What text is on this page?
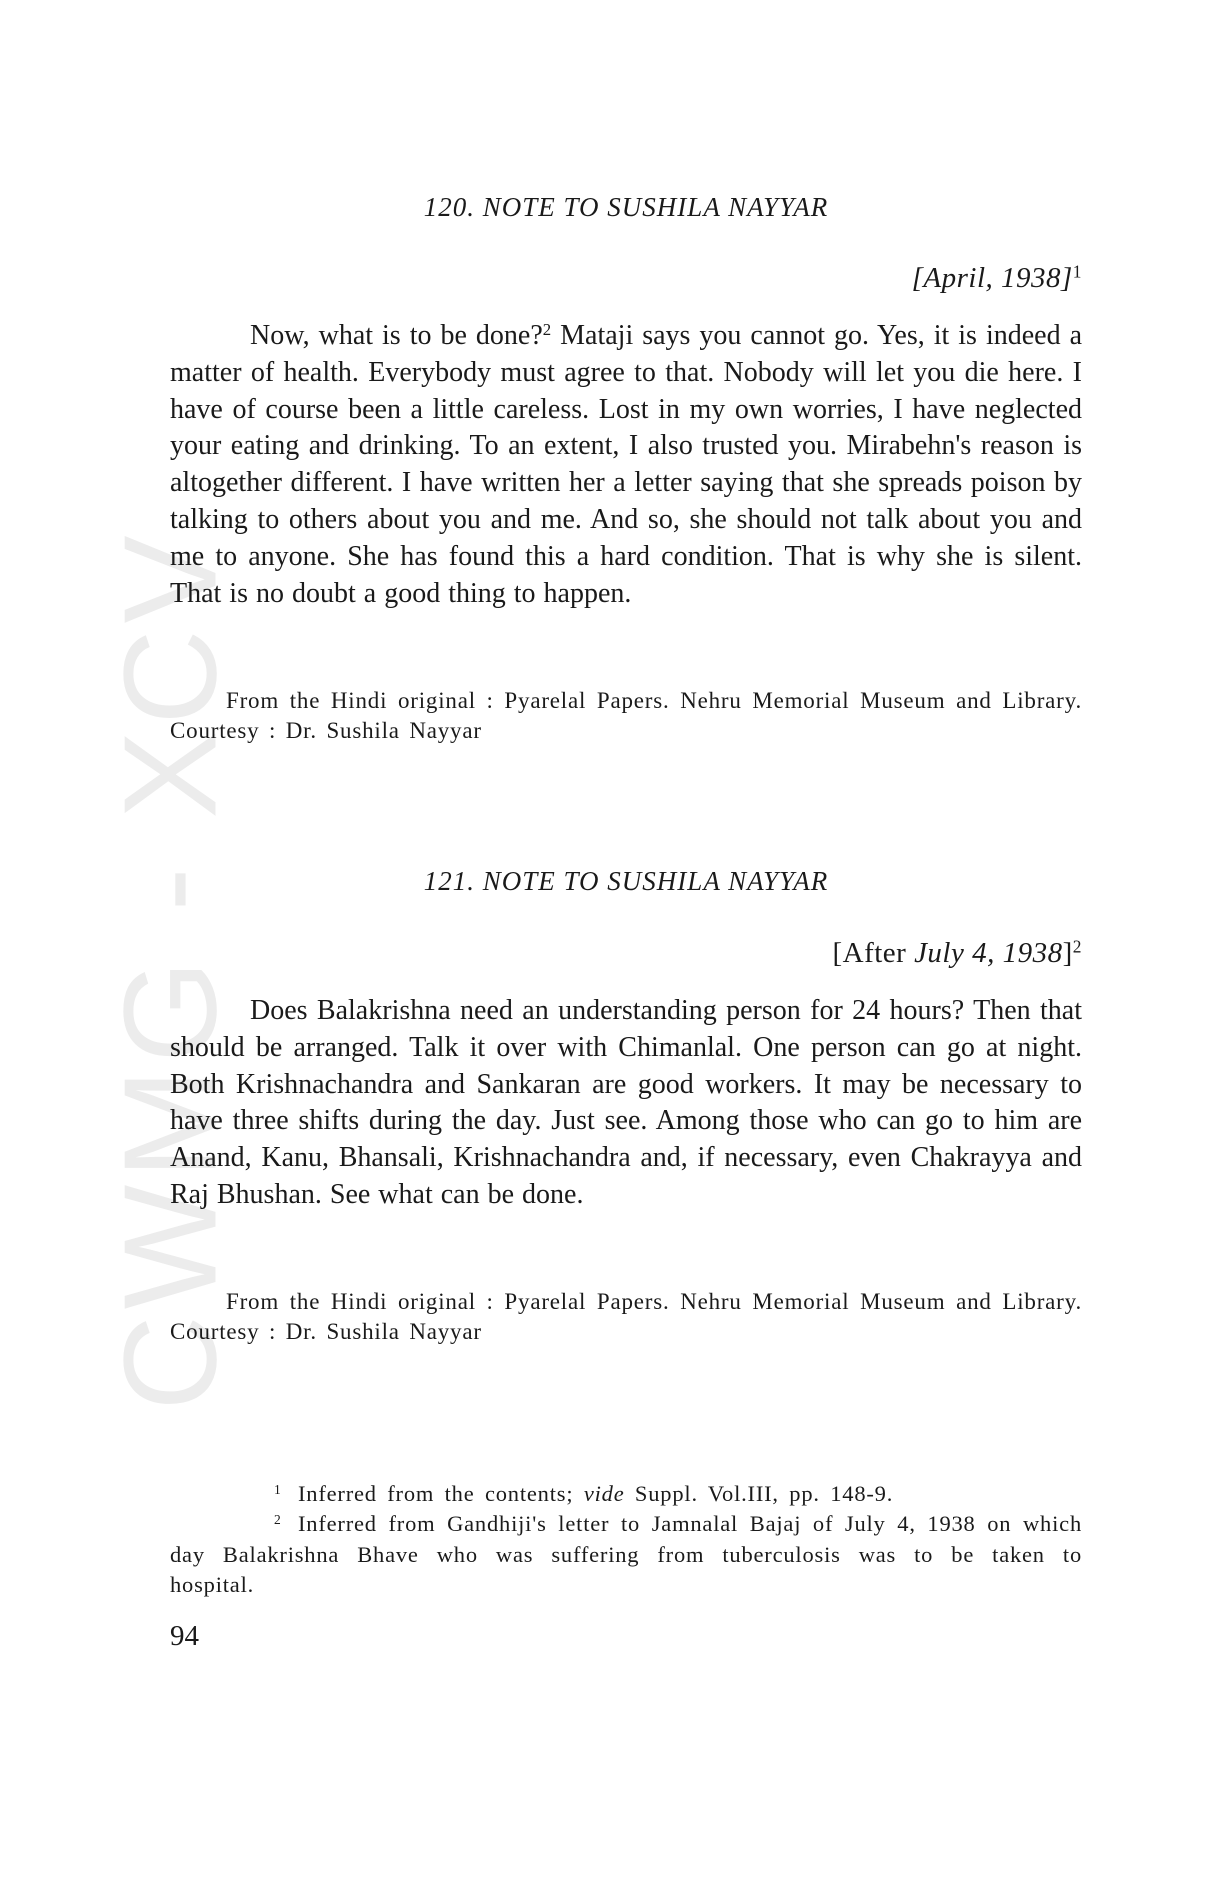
CWMG - XCV
120. NOTE TO SUSHILA NAYYAR
[April, 1938]$^1$

Now, what is to be done?$^2$ Mataji says you cannot go. Yes, it is indeed a matter of health. Everybody must agree to that. Nobody will let you die here. I have of course been a little careless. Lost in my own worries, I have neglected your eating and drinking. To an extent, I also trusted you. Mirabehn's reason is altogether different. I have written her a letter saying that she spreads poison by talking to others about you and me. And so, she should not talk about you and me to anyone. She has found this a hard condition. That is why she is silent. That is no doubt a good thing to happen.

From the Hindi original : Pyarelal Papers. Nehru Memorial Museum and Library. Courtesy : Dr. Sushila Nayyar

121. NOTE TO SUSHILA NAYYAR
[After July 4, 1938]$^2$

Does Balakrishna need an understanding person for 24 hours? Then that should be arranged. Talk it over with Chimanlal. One person can go at night. Both Krishnachandra and Sankaran are good workers. It may be necessary to have three shifts during the day. Just see. Among those who can go to him are Anand, Kanu, Bhansali, Krishnachandra and, if necessary, even Chakrayya and Raj Bhushan. See what can be done.

From the Hindi original : Pyarelal Papers. Nehru Memorial Museum and Library. Courtesy : Dr. Sushila Nayyar

$^1$ Inferred from the contents; vide Suppl. Vol.III, pp. 148-9.

$^2$ Inferred from Gandhiji's letter to Jamnalal Bajaj of July 4, 1938 on which day Balakrishna Bhave who was suffering from tuberculosis was to be taken to hospital.

94
